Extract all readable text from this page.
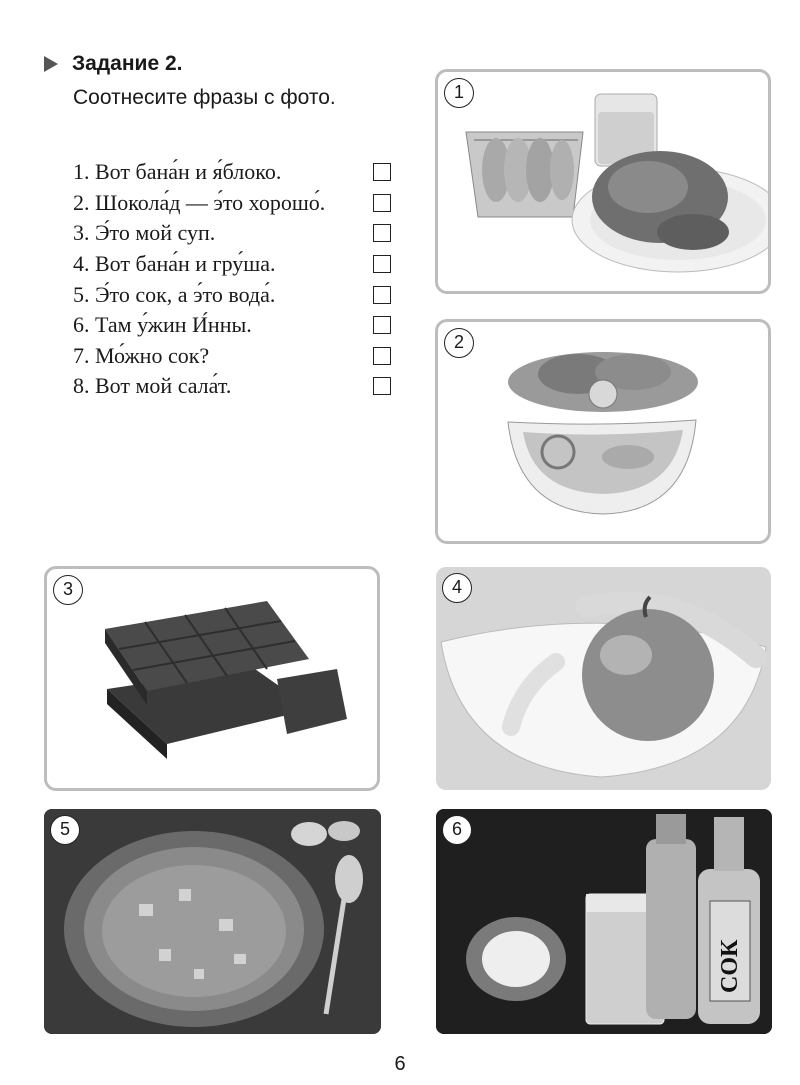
Задание 2.
Соотнесите фразы с фото.
1. Вот бана́н и я́блоко.
2. Шокола́д — э́то хорошо́.
3. Э́то мой суп.
4. Вот бана́н и гру́ша.
5. Э́то сок, а э́то вода́.
6. Там у́жин И́нны.
7. Мо́жно сок?
8. Вот мой сала́т.
1
2
3	4
5	6
СОК
6
